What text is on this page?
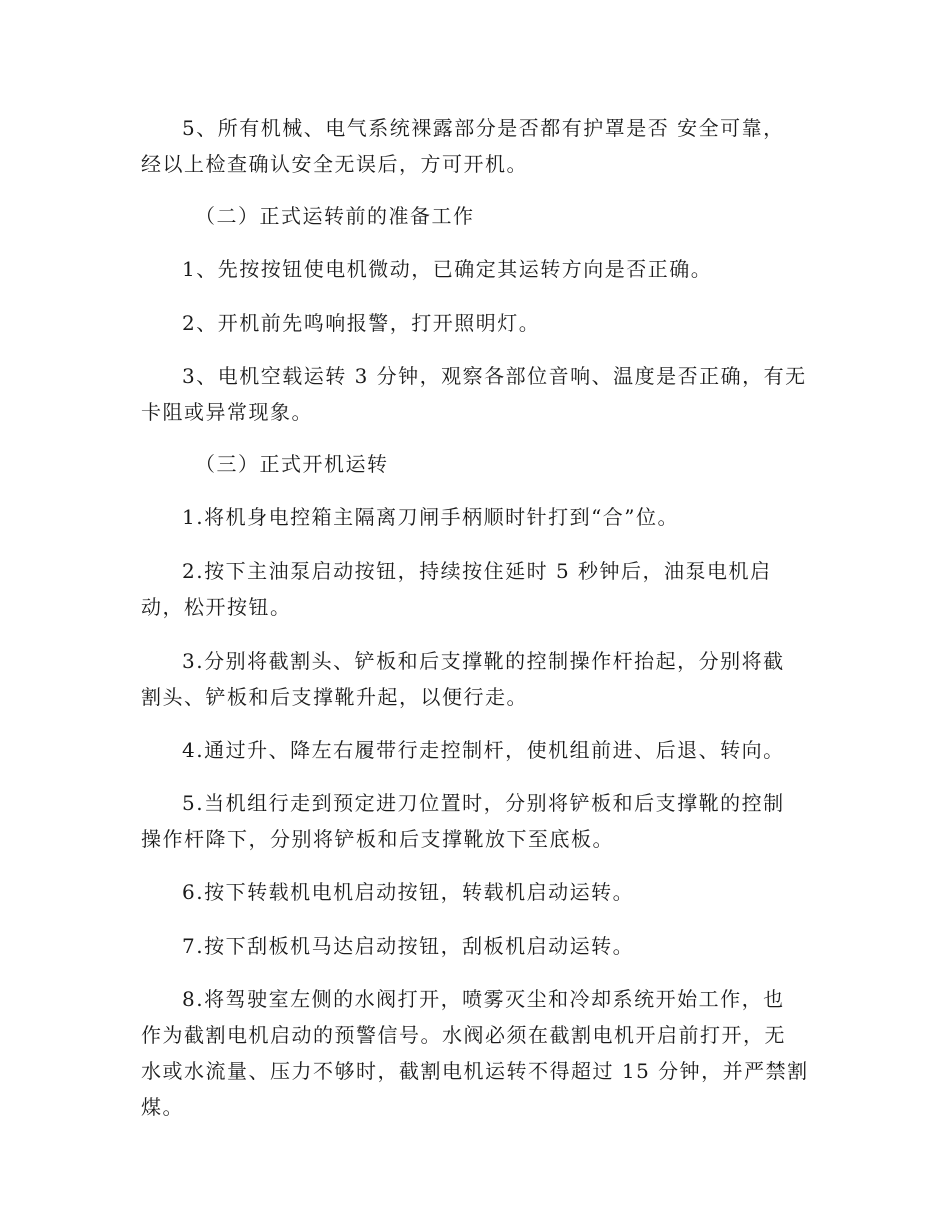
5、所有机械、电气系统裸露部分是否都有护罩是否 安全可靠，
经以上检查确认安全无误后，方可开机。
（二）正式运转前的准备工作
1、先按按钮使电机微动，已确定其运转方向是否正确。
2、开机前先鸣响报警，打开照明灯。
3、电机空载运转 3 分钟，观察各部位音响、温度是否正确，有无
卡阻或异常现象。
（三）正式开机运转
1.将机身电控箱主隔离刀闸手柄顺时针打到“合”位。
2.按下主油泵启动按钮，持续按住延时 5 秒钟后，油泵电机启
动，松开按钮。
3.分别将截割头、铲板和后支撑靴的控制操作杆抬起，分别将截
割头、铲板和后支撑靴升起，以便行走。
4.通过升、降左右履带行走控制杆，使机组前进、后退、转向。
5.当机组行走到预定进刀位置时，分别将铲板和后支撑靴的控制
操作杆降下，分别将铲板和后支撑靴放下至底板。
6.按下转载机电机启动按钮，转载机启动运转。
7.按下刮板机马达启动按钮，刮板机启动运转。
8.将驾驶室左侧的水阀打开，喷雾灭尘和冷却系统开始工作，也
作为截割电机启动的预警信号。水阀必须在截割电机开启前打开，无
水或水流量、压力不够时，截割电机运转不得超过 15 分钟，并严禁割
煤。
